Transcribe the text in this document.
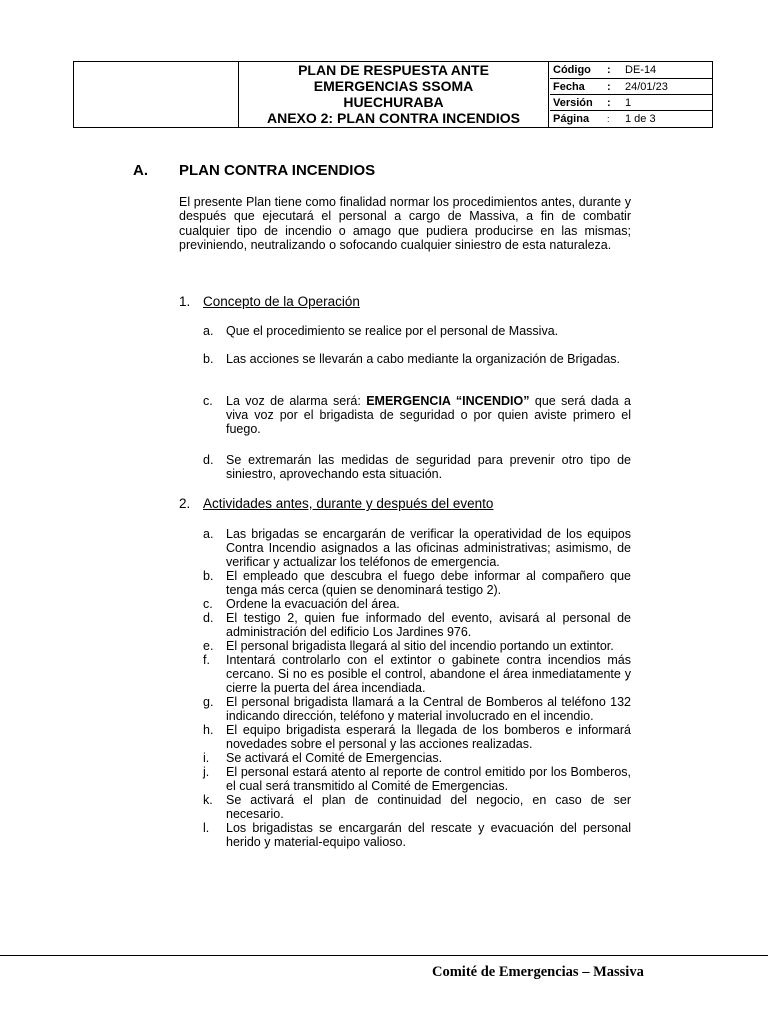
PLAN DE RESPUESTA ANTE
EMERGENCIAS SSOMA
HUECHURABA
ANEXO 2: PLAN CONTRA INCENDIOS
Código : DE-14
Fecha : 24/01/23
Versión : 1
Página : 1 de 3
A. PLAN CONTRA INCENDIOS
El presente Plan tiene como finalidad normar los procedimientos antes, durante y después que ejecutará el personal a cargo de Massiva, a fin de combatir cualquier tipo de incendio o amago que pudiera producirse en las mismas; previniendo, neutralizando o sofocando cualquier siniestro de esta naturaleza.
1. Concepto de la Operación
a. Que el procedimiento se realice por el personal de Massiva.
b. Las acciones se llevarán a cabo mediante la organización de Brigadas.
c. La voz de alarma será: EMERGENCIA “INCENDIO” que será dada a viva voz por el brigadista de seguridad o por quien aviste primero el fuego.
d. Se extremarán las medidas de seguridad para prevenir otro tipo de siniestro, aprovechando esta situación.
2. Actividades antes, durante y después del evento
a. Las brigadas se encargarán de verificar la operatividad de los equipos Contra Incendio asignados a las oficinas administrativas; asimismo, de verificar y actualizar los teléfonos de emergencia.
b. El empleado que descubra el fuego debe informar al compañero que tenga más cerca (quien se denominará testigo 2).
c. Ordene la evacuación del área.
d. El testigo 2, quien fue informado del evento, avisará al personal de administración del edificio Los Jardines 976.
e. El personal brigadista llegará al sitio del incendio portando un extintor.
f. Intentará controlarlo con el extintor o gabinete contra incendios más cercano. Si no es posible el control, abandone el área inmediatamente y cierre la puerta del área incendiada.
g. El personal brigadista llamará a la Central de Bomberos al teléfono 132 indicando dirección, teléfono y material involucrado en el incendio.
h. El equipo brigadista esperará la llegada de los bomberos e informará novedades sobre el personal y las acciones realizadas.
i. Se activará el Comité de Emergencias.
j. El personal estará atento al reporte de control emitido por los Bomberos, el cual será transmitido al Comité de Emergencias.
k. Se activará el plan de continuidad del negocio, en caso de ser necesario.
l. Los brigadistas se encargarán del rescate y evacuación del personal herido y material-equipo valioso.
Comité de Emergencias – Massiva
